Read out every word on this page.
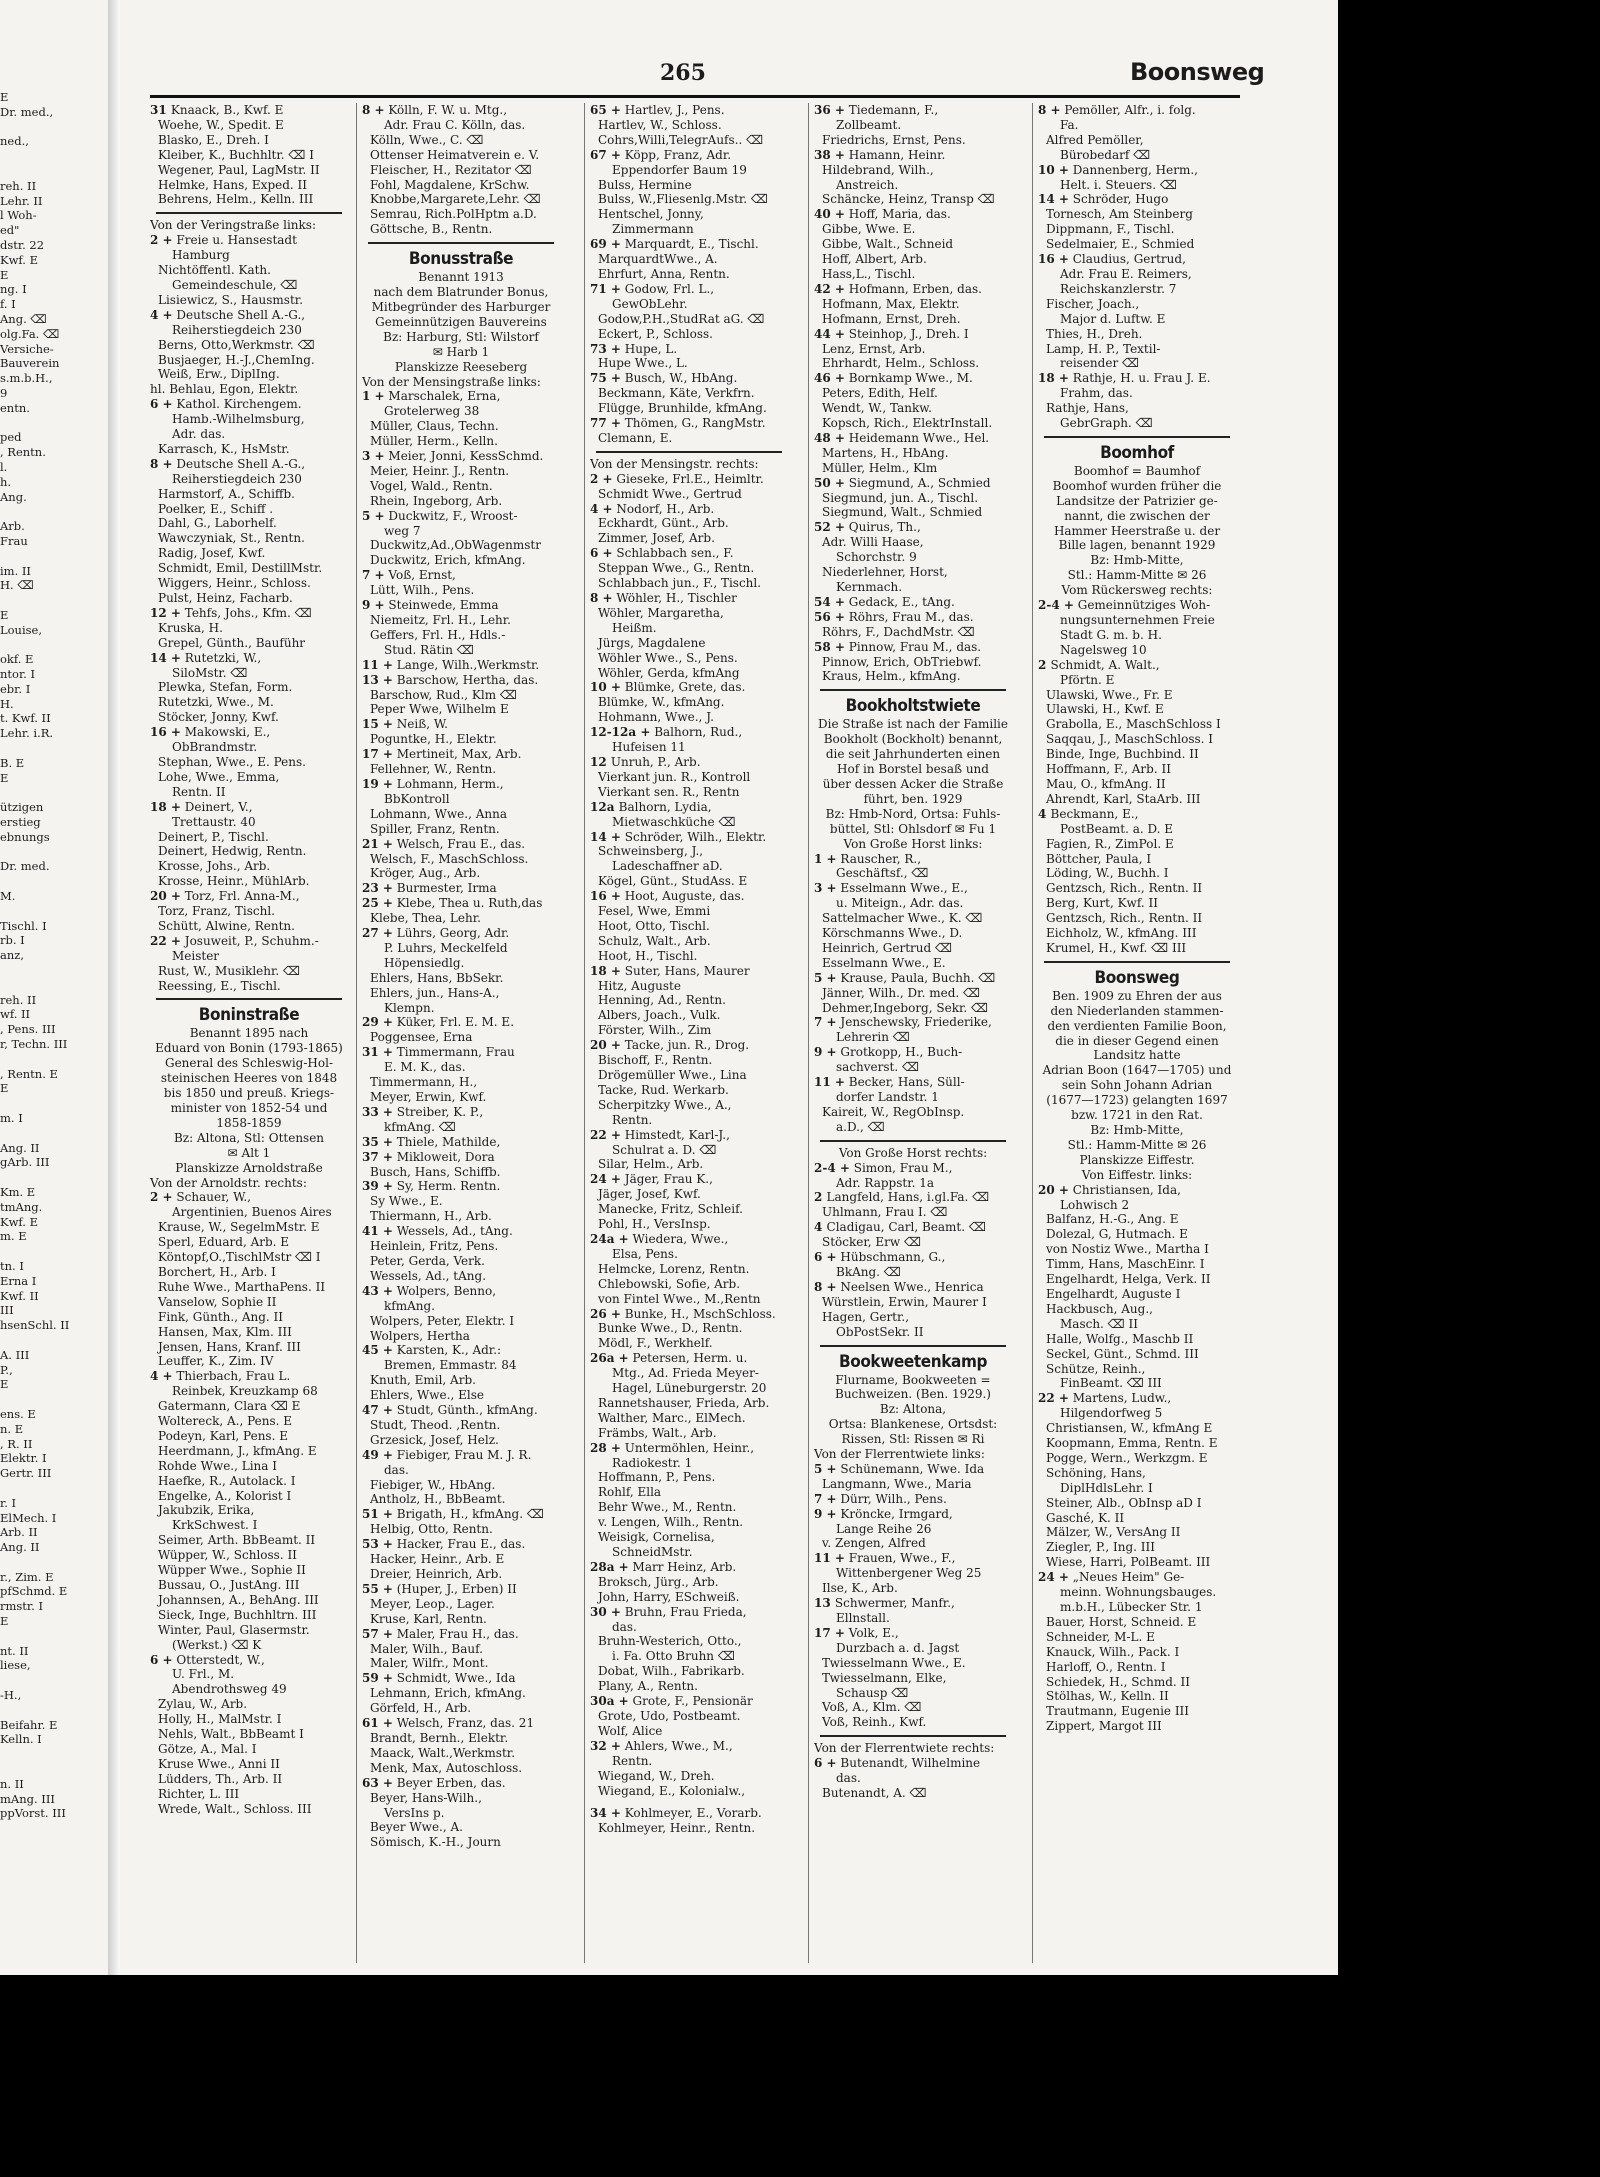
E
Dr. med.,

ned.,

reh. II
Lehr. II
l Woh-
ed"
dstr. 22
Kwf. E
E
ng. I
f. I
Ang. ⌫
olg.Fa. ⌫
Versiche-
Bauverein
s.m.b.H.,
9
entn.

ped
, Rentn.
l.
h.
Ang.

Arb.
Frau

im. II
H. ⌫

E
Louise,

okf. E
ntor. I
ebr. I
H.
t. Kwf. II
Lehr. i.R.

B. E
E

ützigen
erstieg
ebnungs

Dr. med.

M.

Tischl. I
rb. I
anz,

reh. II
wf. II
, Pens. III
r, Techn. III

, Rentn. E
E

m. I

Ang. II
gArb. III

Km. E
tmAng.
Kwf. E
m. E

tn. I
Erna I
Kwf. II
III
hsenSchl. II

A. III
P.,
E

ens. E
n. E
, R. II
Elektr. I
Gertr. III

r. I
ElMech. I
Arb. II
Ang. II

r., Zim. E
pfSchmd. E
rmstr. I
E

nt. II
liese,

-H.,

Beifahr. E
Kelln. I

n. II
mAng. III
ppVorst. III
265	Boonsweg
31 Knaack, B., Kwf. E
Woehe, W., Spedit. E
Blasko, E., Dreh. I
Kleiber, K., Buchhltr. ⌫ I
Wegener, Paul, LagMstr. II
Helmke, Hans, Exped. II
Behrens, Helm., Kelln. III
Von der Veringstraße links:
2 + Freie u. Hansestadt
Hamburg
Nichtöffentl. Kath.
Gemeindeschule, ⌫
Lisiewicz, S., Hausmstr.
4 + Deutsche Shell A.-G.,
Reiherstiegdeich 230
Berns, Otto,Werkmstr. ⌫
Busjaeger, H.-J.,ChemIng.
Weiß, Erw., DiplIng.
hl. Behlau, Egon, Elektr.
6 + Kathol. Kirchengem.
Hamb.-Wilhelmsburg,
Adr. das.
Karrasch, K., HsMstr.
8 + Deutsche Shell A.-G.,
Reiherstiegdeich 230
Harmstorf, A., Schiffb.
Poelker, E., Schiff .
Dahl, G., Laborhelf.
Wawczyniak, St., Rentn.
Radig, Josef, Kwf.
Schmidt, Emil, DestillMstr.
Wiggers, Heinr., Schloss.
Pulst, Heinz, Facharb.
12 + Tehfs, Johs., Kfm. ⌫
Kruska, H.
Grepel, Günth., Bauführ
14 + Rutetzki, W.,
SiloMstr. ⌫
Plewka, Stefan, Form.
Rutetzki, Wwe., M.
Stöcker, Jonny, Kwf.
16 + Makowski, E.,
ObBrandmstr.
Stephan, Wwe., E. Pens.
Lohe, Wwe., Emma,
Rentn. II
18 + Deinert, V.,
Trettaustr. 40
Deinert, P., Tischl.
Deinert, Hedwig, Rentn.
Krosse, Johs., Arb.
Krosse, Heinr., MühlArb.
20 + Torz, Frl. Anna-M.,
Torz, Franz, Tischl.
Schütt, Alwine, Rentn.
22 + Josuweit, P., Schuhm.-
Meister
Rust, W., Musiklehr. ⌫
Reessing, E., Tischl.
Boninstraße
Benannt 1895 nach
Eduard von Bonin (1793-1865)
General des Schleswig-Hol-
steinischen Heeres von 1848
bis 1850 und preuß. Kriegs-
minister von 1852-54 und
1858-1859
Bz: Altona, Stl: Ottensen
✉ Alt 1
Planskizze Arnoldstraße
Von der Arnoldstr. rechts:
2 + Schauer, W.,
Argentinien, Buenos Aires
Krause, W., SegelmMstr. E
Sperl, Eduard, Arb. E
Köntopf,O.,TischlMstr ⌫ I
Borchert, H., Arb. I
Ruhe Wwe., MarthaPens. II
Vanselow, Sophie II
Fink, Günth., Ang. II
Hansen, Max, Klm. III
Jensen, Hans, Kranf. III
Leuffer, K., Zim. IV
4 + Thierbach, Frau L.
Reinbek, Kreuzkamp 68
Gatermann, Clara ⌫ E
Woltereck, A., Pens. E
Podeyn, Karl, Pens. E
Heerdmann, J., kfmAng. E
Rohde Wwe., Lina I
Haefke, R., Autolack. I
Engelke, A., Kolorist I
Jakubzik, Erika,
KrkSchwest. I
Seimer, Arth. BbBeamt. II
Wüpper, W., Schloss. II
Wüpper Wwe., Sophie II
Bussau, O., JustAng. III
Johannsen, A., BehAng. III
Sieck, Inge, Buchhltrn. III
Winter, Paul, Glasermstr.
(Werkst.) ⌫ K
6 + Otterstedt, W.,
U. Frl., M.
Abendrothsweg 49
Zylau, W., Arb.
Holly, H., MalMstr. I
Nehls, Walt., BbBeamt I
Götze, A., Mal. I
Kruse Wwe., Anni II
Lüdders, Th., Arb. II
Richter, L. III
Wrede, Walt., Schloss. III
8 + Kölln, F. W. u. Mtg.,
Adr. Frau C. Kölln, das.
Kölln, Wwe., C. ⌫
Ottenser Heimatverein e. V.
Fleischer, H., Rezitator ⌫
Fohl, Magdalene, KrSchw.
Knobbe,Margarete,Lehr. ⌫
Semrau, Rich.PolHptm a.D.
Göttsche, B., Rentn.
Bonusstraße
Benannt 1913
nach dem Blatrunder Bonus,
Mitbegründer des Harburger
Gemeinnützigen Bauvereins
Bz: Harburg, Stl: Wilstorf
✉ Harb 1
Planskizze Reeseberg
Von der Mensingstraße links:
1 + Marschalek, Erna,
Grotelerweg 38
Müller, Claus, Techn.
Müller, Herm., Kelln.
3 + Meier, Jonni, KessSchmd.
Meier, Heinr. J., Rentn.
Vogel, Wald., Rentn.
Rhein, Ingeborg, Arb.
5 + Duckwitz, F., Wroost-
weg 7
Duckwitz,Ad.,ObWagenmstr
Duckwitz, Erich, kfmAng.
7 + Voß, Ernst,
Lütt, Wilh., Pens.
9 + Steinwede, Emma
Niemeitz, Frl. H., Lehr.
Geffers, Frl. H., Hdls.-
Stud. Rätin ⌫
11 + Lange, Wilh.,Werkmstr.
13 + Barschow, Hertha, das.
Barschow, Rud., Klm ⌫
Peper Wwe, Wilhelm E
15 + Neiß, W.
Poguntke, H., Elektr.
17 + Mertineit, Max, Arb.
Fellehner, W., Rentn.
19 + Lohmann, Herm.,
BbKontroll
Lohmann, Wwe., Anna
Spiller, Franz, Rentn.
21 + Welsch, Frau E., das.
Welsch, F., MaschSchloss.
Kröger, Aug., Arb.
23 + Burmester, Irma
25 + Klebe, Thea u. Ruth,das
Klebe, Thea, Lehr.
27 + Lührs, Georg, Adr.
P. Luhrs, Meckelfeld
Höpensiedlg.
Ehlers, Hans, BbSekr.
Ehlers, jun., Hans-A.,
Klempn.
29 + Küker, Frl. E. M. E.
Poggensee, Erna
31 + Timmermann, Frau
E. M. K., das.
Timmermann, H.,
Meyer, Erwin, Kwf.
33 + Streiber, K. P.,
kfmAng. ⌫
35 + Thiele, Mathilde,
37 + Mikloweit, Dora
Busch, Hans, Schiffb.
39 + Sy, Herm. Rentn.
Sy Wwe., E.
Thiermann, H., Arb.
41 + Wessels, Ad., tAng.
Heinlein, Fritz, Pens.
Peter, Gerda, Verk.
Wessels, Ad., tAng.
43 + Wolpers, Benno,
kfmAng.
Wolpers, Peter, Elektr. I
Wolpers, Hertha
45 + Karsten, K., Adr.:
Bremen, Emmastr. 84
Knuth, Emil, Arb.
Ehlers, Wwe., Else
47 + Studt, Günth., kfmAng.
Studt, Theod. ,Rentn.
Grzesick, Josef, Helz.
49 + Fiebiger, Frau M. J. R.
das.
Fiebiger, W., HbAng.
Antholz, H., BbBeamt.
51 + Brigath, H., kfmAng. ⌫
Helbig, Otto, Rentn.
53 + Hacker, Frau E., das.
Hacker, Heinr., Arb. E
Dreier, Heinrich, Arb.
55 + (Huper, J., Erben) II
Meyer, Leop., Lager.
Kruse, Karl, Rentn.
57 + Maler, Frau H., das.
Maler, Wilh., Bauf.
Maler, Wilfr., Mont.
59 + Schmidt, Wwe., Ida
Lehmann, Erich, kfmAng.
Görfeld, H., Arb.
61 + Welsch, Franz, das. 21
Brandt, Bernh., Elektr.
Maack, Walt.,Werkmstr.
Menk, Max, Autoschloss.
63 + Beyer Erben, das.
Beyer, Hans-Wilh.,
VersIns p.
Beyer Wwe., A.
Sömisch, K.-H., Journ
65 + Hartlev, J., Pens.
Hartlev, W., Schloss.
Cohrs,Willi,TelegrAufs.. ⌫
67 + Köpp, Franz, Adr.
Eppendorfer Baum 19
Bulss, Hermine
Bulss, W.,Fliesenlg.Mstr. ⌫
Hentschel, Jonny,
Zimmermann
69 + Marquardt, E., Tischl.
MarquardtWwe., A.
Ehrfurt, Anna, Rentn.
71 + Godow, Frl. L.,
GewObLehr.
Godow,P.H.,StudRat aG. ⌫
Eckert, P., Schloss.
73 + Hupe, L.
Hupe Wwe., L.
75 + Busch, W., HbAng.
Beckmann, Käte, Verkfrn.
Flügge, Brunhilde, kfmAng.
77 + Thömen, G., RangMstr.
Clemann, E.
Von der Mensingstr. rechts:
2 + Gieseke, Frl.E., Heimltr.
Schmidt Wwe., Gertrud
4 + Nodorf, H., Arb.
Eckhardt, Günt., Arb.
Zimmer, Josef, Arb.
6 + Schlabbach sen., F.
Steppan Wwe., G., Rentn.
Schlabbach jun., F., Tischl.
8 + Wöhler, H., Tischler
Wöhler, Margaretha,
Heißm.
Jürgs, Magdalene
Wöhler Wwe., S., Pens.
Wöhler, Gerda, kfmAng
10 + Blümke, Grete, das.
Blümke, W., kfmAng.
Hohmann, Wwe., J.
12-12a + Balhorn, Rud.,
Hufeisen 11
12 Unruh, P., Arb.
Vierkant jun. R., Kontroll
Vierkant sen. R., Rentn
12a Balhorn, Lydia,
Mietwaschküche ⌫
14 + Schröder, Wilh., Elektr.
Schweinsberg, J.,
Ladeschaffner aD.
Kögel, Günt., StudAss. E
16 + Hoot, Auguste, das.
Fesel, Wwe, Emmi
Hoot, Otto, Tischl.
Schulz, Walt., Arb.
Hoot, H., Tischl.
18 + Suter, Hans, Maurer
Hitz, Auguste
Henning, Ad., Rentn.
Albers, Joach., Vulk.
Förster, Wilh., Zim
20 + Tacke, jun. R., Drog.
Bischoff, F., Rentn.
Drögemüller Wwe., Lina
Tacke, Rud. Werkarb.
Scherpitzky Wwe., A.,
Rentn.
22 + Himstedt, Karl-J.,
Schulrat a. D. ⌫
Silar, Helm., Arb.
24 + Jäger, Frau K.,
Jäger, Josef, Kwf.
Manecke, Fritz, Schleif.
Pohl, H., VersInsp.
24a + Wiedera, Wwe.,
Elsa, Pens.
Helmcke, Lorenz, Rentn.
Chlebowski, Sofie, Arb.
von Fintel Wwe., M.,Rentn
26 + Bunke, H., MschSchloss.
Bunke Wwe., D., Rentn.
Mödl, F., Werkhelf.
26a + Petersen, Herm. u.
Mtg., Ad. Frieda Meyer-
Hagel, Lüneburgerstr. 20
Rannetshauser, Frieda, Arb.
Walther, Marc., ElMech.
Främbs, Walt., Arb.
28 + Untermöhlen, Heinr.,
Radiokestr. 1
Hoffmann, P., Pens.
Rohlf, Ella
Behr Wwe., M., Rentn.
v. Lengen, Wilh., Rentn.
Weisigk, Cornelisa,
SchneidMstr.
28a + Marr Heinz, Arb.
Broksch, Jürg., Arb.
John, Harry, ESchweiß.
30 + Bruhn, Frau Frieda,
das.
Bruhn-Westerich, Otto.,
i. Fa. Otto Bruhn ⌫
Dobat, Wilh., Fabrikarb.
Plany, A., Rentn.
30a + Grote, F., Pensionär
Grote, Udo, Postbeamt.
Wolf, Alice
32 + Ahlers, Wwe., M.,
Rentn.
Wiegand, W., Dreh.
Wiegand, E., Kolonialw.,
34 + Kohlmeyer, E., Vorarb.
Kohlmeyer, Heinr., Rentn.
36 + Tiedemann, F.,
Zollbeamt.
Friedrichs, Ernst, Pens.
38 + Hamann, Heinr.
Hildebrand, Wilh.,
Anstreich.
Schäncke, Heinz, Transp ⌫
40 + Hoff, Maria, das.
Gibbe, Wwe. E.
Gibbe, Walt., Schneid
Hoff, Albert, Arb.
Hass,L., Tischl.
42 + Hofmann, Erben, das.
Hofmann, Max, Elektr.
Hofmann, Ernst, Dreh.
44 + Steinhop, J., Dreh. I
Lenz, Ernst, Arb.
Ehrhardt, Helm., Schloss.
46 + Bornkamp Wwe., M.
Peters, Edith, Helf.
Wendt, W., Tankw.
Kopsch, Rich., ElektrInstall.
48 + Heidemann Wwe., Hel.
Martens, H., HbAng.
Müller, Helm., Klm
50 + Siegmund, A., Schmied
Siegmund, jun. A., Tischl.
Siegmund, Walt., Schmied
52 + Quirus, Th.,
Adr. Willi Haase,
Schorchstr. 9
Niederlehner, Horst,
Kernmach.
54 + Gedack, E., tAng.
56 + Röhrs, Frau M., das.
Röhrs, F., DachdMstr. ⌫
58 + Pinnow, Frau M., das.
Pinnow, Erich, ObTriebwf.
Kraus, Helm., kfmAng.
Bookholtstwiete
Die Straße ist nach der Familie
Bookholt (Bockholt) benannt,
die seit Jahrhunderten einen
Hof in Borstel besaß und
über dessen Acker die Straße
führt, ben. 1929
Bz: Hmb-Nord, Ortsa: Fuhls-
büttel, Stl: Ohlsdorf ✉ Fu 1
Von Große Horst links:
1 + Rauscher, R.,
Geschäftsf., ⌫
3 + Esselmann Wwe., E.,
u. Miteign., Adr. das.
Sattelmacher Wwe., K. ⌫
Körschmanns Wwe., D.
Heinrich, Gertrud ⌫
Esselmann Wwe., E.
5 + Krause, Paula, Buchh. ⌫
Jänner, Wilh., Dr. med. ⌫
Dehmer,Ingeborg, Sekr. ⌫
7 + Jenschewsky, Friederike,
Lehrerin ⌫
9 + Grotkopp, H., Buch-
sachverst. ⌫
11 + Becker, Hans, Süll-
dorfer Landstr. 1
Kaireit, W., RegObInsp.
a.D., ⌫
Von Große Horst rechts:
2-4 + Simon, Frau M.,
Adr. Rappstr. 1a
2 Langfeld, Hans, i.gl.Fa. ⌫
Uhlmann, Frau I. ⌫
4 Cladigau, Carl, Beamt. ⌫
Stöcker, Erw ⌫
6 + Hübschmann, G.,
BkAng. ⌫
8 + Neelsen Wwe., Henrica
Würstlein, Erwin, Maurer I
Hagen, Gertr.,
ObPostSekr. II
Bookweetenkamp
Flurname, Bookweeten =
Buchweizen. (Ben. 1929.)
Bz: Altona,
Ortsa: Blankenese, Ortsdst:
Rissen, Stl: Rissen ✉ Ri
Von der Flerrentwiete links:
5 + Schünemann, Wwe. Ida
Langmann, Wwe., Maria
7 + Dürr, Wilh., Pens.
9 + Kröncke, Irmgard,
Lange Reihe 26
v. Zengen, Alfred
11 + Frauen, Wwe., F.,
Wittenbergener Weg 25
Ilse, K., Arb.
13 Schwermer, Manfr.,
Ellnstall.
17 + Volk, E.,
Durzbach a. d. Jagst
Twiesselmann Wwe., E.
Twiesselmann, Elke,
Schausp ⌫
Voß, A., Klm. ⌫
Voß, Reinh., Kwf.
Von der Flerrentwiete rechts:
6 + Butenandt, Wilhelmine
das.
Butenandt, A. ⌫
8 + Pemöller, Alfr., i. folg.
Fa.
Alfred Pemöller,
Bürobedarf ⌫
10 + Dannenberg, Herm.,
Helt. i. Steuers. ⌫
14 + Schröder, Hugo
Tornesch, Am Steinberg
Dippmann, F., Tischl.
Sedelmaier, E., Schmied
16 + Claudius, Gertrud,
Adr. Frau E. Reimers,
Reichskanzlerstr. 7
Fischer, Joach.,
Major d. Luftw. E
Thies, H., Dreh.
Lamp, H. P., Textil-
reisender ⌫
18 + Rathje, H. u. Frau J. E.
Frahm, das.
Rathje, Hans,
GebrGraph. ⌫
Boomhof
Boomhof = Baumhof
Boomhof wurden früher die
Landsitze der Patrizier ge-
nannt, die zwischen der
Hammer Heerstraße u. der
Bille lagen, benannt 1929
Bz: Hmb-Mitte,
Stl.: Hamm-Mitte ✉ 26
Vom Rückersweg rechts:
2-4 + Gemeinnütziges Woh-
nungsunternehmen Freie
Stadt G. m. b. H.
Nagelsweg 10
2 Schmidt, A. Walt.,
Pförtn. E
Ulawski, Wwe., Fr. E
Ulawski, H., Kwf. E
Grabolla, E., MaschSchloss I
Saqqau, J., MaschSchloss. I
Binde, Inge, Buchbind. II
Hoffmann, F., Arb. II
Mau, O., kfmAng. II
Ahrendt, Karl, StaArb. III
4 Beckmann, E.,
PostBeamt. a. D. E
Fagien, R., ZimPol. E
Böttcher, Paula, I
Löding, W., Buchh. I
Gentzsch, Rich., Rentn. II
Berg, Kurt, Kwf. II
Gentzsch, Rich., Rentn. II
Eichholz, W., kfmAng. III
Krumel, H., Kwf. ⌫ III
Boonsweg
Ben. 1909 zu Ehren der aus
den Niederlanden stammen-
den verdienten Familie Boon,
die in dieser Gegend einen
Landsitz hatte
Adrian Boon (1647—1705) und
sein Sohn Johann Adrian
(1677—1723) gelangten 1697
bzw. 1721 in den Rat.
Bz: Hmb-Mitte,
Stl.: Hamm-Mitte ✉ 26
Planskizze Eiffestr.
Von Eiffestr. links:
20 + Christiansen, Ida,
Lohwisch 2
Balfanz, H.-G., Ang. E
Dolezal, G, Hutmach. E
von Nostiz Wwe., Martha I
Timm, Hans, MaschEinr. I
Engelhardt, Helga, Verk. II
Engelhardt, Auguste I
Hackbusch, Aug.,
Masch. ⌫ II
Halle, Wolfg., Maschb II
Seckel, Günt., Schmd. III
Schütze, Reinh.,
FinBeamt. ⌫ III
22 + Martens, Ludw.,
Hilgendorfweg 5
Christiansen, W., kfmAng E
Koopmann, Emma, Rentn. E
Pogge, Wern., Werkzgm. E
Schöning, Hans,
DiplHdlsLehr. I
Steiner, Alb., ObInsp aD I
Gasché, K. II
Mälzer, W., VersAng II
Ziegler, P., Ing. III
Wiese, Harri, PolBeamt. III
24 + „Neues Heim" Ge-
meinn. Wohnungsbauges.
m.b.H., Lübecker Str. 1
Bauer, Horst, Schneid. E
Schneider, M-L. E
Knauck, Wilh., Pack. I
Harloff, O., Rentn. I
Schiedek, H., Schmd. II
Stölhas, W., Kelln. II
Trautmann, Eugenie III
Zippert, Margot III
